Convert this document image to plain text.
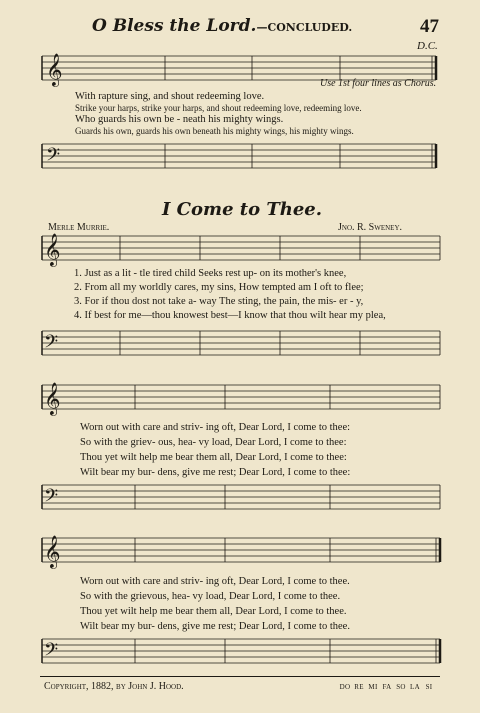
O Bless the Lord.—CONCLUDED.	47
D.C.
𝄞	Use 1st four lines as Chorus.
With rapture sing, and shout redeeming love.
Strike your harps, strike your harps, and shout redeeming love, redeeming love.
Who guards his own be - neath his mighty wings.
Guards his own, guards his own beneath his mighty wings, his mighty wings.
𝄢
I Come to Thee.
Merle Murrie.	Jno. R. Sweney.
𝄞
1. Just as a lit - tle tired child Seeks rest up- on its mother's knee,
2. From all my worldly cares, my sins, How tempted am I oft to flee;
3. For if thou dost not take a- way The sting, the pain, the mis- er - y,
4. If best for me—thou knowest best—I know that thou wilt hear my plea,
𝄢
𝄞
Worn out with care and striv- ing oft, Dear Lord, I come to thee:
So with the griev- ous, hea- vy load, Dear Lord, I come to thee:
Thou yet wilt help me bear them all, Dear Lord, I come to thee:
Wilt bear my bur- dens, give me rest; Dear Lord, I come to thee:
𝄢
𝄞
Worn out with care and striv- ing oft, Dear Lord, I come to thee.
So with the grievous, hea- vy load, Dear Lord, I come to thee.
Thou yet wilt help me bear them all, Dear Lord, I come to thee.
Wilt bear my bur- dens, give me rest; Dear Lord, I come to thee.
𝄢
Copyright, 1882, by John J. Hood.	DO RE MI FA SO LA SI
